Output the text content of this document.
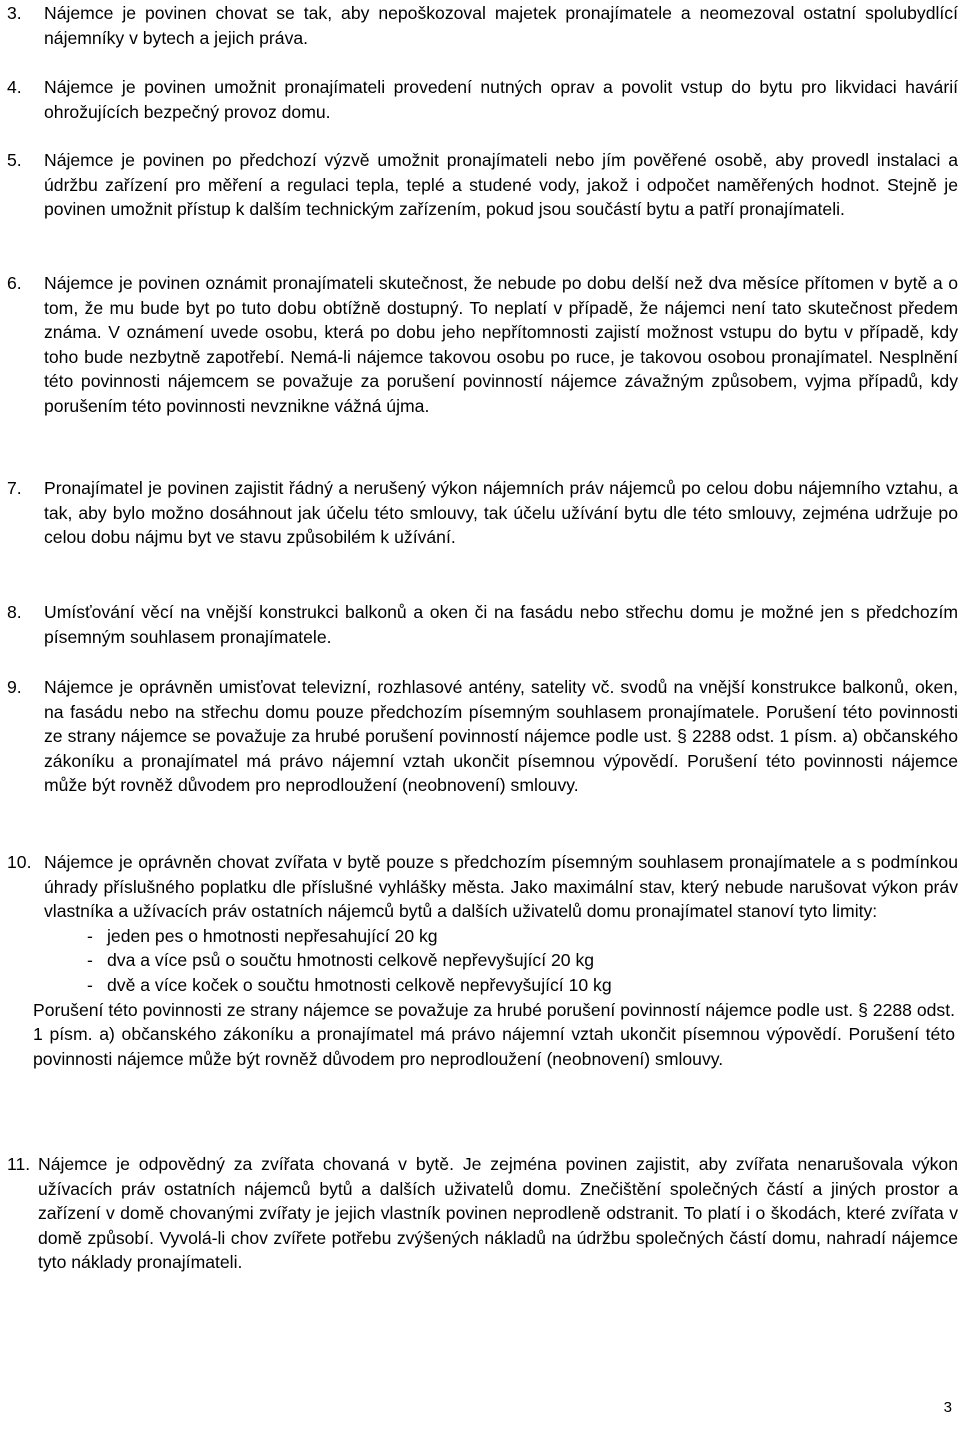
3. Nájemce je povinen chovat se tak, aby nepoškozoval majetek pronajímatele a neomezoval ostatní spolubydlící nájemníky v bytech a jejich práva.
4. Nájemce je povinen umožnit pronajímateli provedení nutných oprav a povolit vstup do bytu pro likvidaci havárií ohrožujících bezpečný provoz domu.
5. Nájemce je povinen po předchozí výzvě umožnit pronajímateli nebo jím pověřené osobě, aby provedl instalaci a údržbu zařízení pro měření a regulaci tepla, teplé a studené vody, jakož i odpočet naměřených hodnot. Stejně je povinen umožnit přístup k dalším technickým zařízením, pokud jsou součástí bytu a patří pronajímateli.
6. Nájemce je povinen oznámit pronajímateli skutečnost, že nebude po dobu delší než dva měsíce přítomen v bytě a o tom, že mu bude byt po tuto dobu obtížně dostupný. To neplatí v případě, že nájemci není tato skutečnost předem známa. V oznámení uvede osobu, která po dobu jeho nepřítomnosti zajistí možnost vstupu do bytu v případě, kdy toho bude nezbytně zapotřebí. Nemá-li nájemce takovou osobu po ruce, je takovou osobou pronajímatel. Nesplnění této povinnosti nájemcem se považuje za porušení povinností nájemce závažným způsobem, vyjma případů, kdy porušením této povinnosti nevznikne vážná újma.
7. Pronajímatel je povinen zajistit řádný a nerušený výkon nájemních práv nájemců po celou dobu nájemního vztahu, a tak, aby bylo možno dosáhnout jak účelu této smlouvy, tak účelu užívání bytu dle této smlouvy, zejména udržuje po celou dobu nájmu byt ve stavu způsobilém k užívání.
8. Umísťování věcí na vnější konstrukci balkonů a oken či na fasádu nebo střechu domu je možné jen s předchozím písemným souhlasem pronajímatele.
9. Nájemce je oprávněn umisťovat televizní, rozhlasové antény, satelity vč. svodů na vnější konstrukce balkonů, oken, na fasádu nebo na střechu domu pouze předchozím písemným souhlasem pronajímatele. Porušení této povinnosti ze strany nájemce se považuje za hrubé porušení povinností nájemce podle ust. § 2288 odst. 1 písm. a) občanského zákoníku a pronajímatel má právo nájemní vztah ukončit písemnou výpovědí. Porušení této povinnosti nájemce může být rovněž důvodem pro neprodloužení (neobnovení) smlouvy.
10. Nájemce je oprávněn chovat zvířata v bytě pouze s předchozím písemným souhlasem pronajímatele a s podmínkou úhrady příslušného poplatku dle příslušné vyhlášky města. Jako maximální stav, který nebude narušovat výkon práv vlastníka a užívacích práv ostatních nájemců bytů a dalších uživatelů domu pronajímatel stanoví tyto limity:
- jeden pes o hmotnosti nepřesahující 20 kg
- dva a více psů o součtu hmotnosti celkově nepřevyšující 20 kg
- dvě a více koček o součtu hmotnosti celkově nepřevyšující 10 kg
Porušení této povinnosti ze strany nájemce se považuje za hrubé porušení povinností nájemce podle ust. § 2288 odst. 1 písm. a) občanského zákoníku a pronajímatel má právo nájemní vztah ukončit písemnou výpovědí. Porušení této povinnosti nájemce může být rovněž důvodem pro neprodloužení (neobnovení) smlouvy.
11. Nájemce je odpovědný za zvířata chovaná v bytě. Je zejména povinen zajistit, aby zvířata nenarušovala výkon užívacích práv ostatních nájemců bytů a dalších uživatelů domu. Znečištění společných částí a jiných prostor a zařízení v domě chovanými zvířaty je jejich vlastník povinen neprodleně odstranit. To platí i o škodách, které zvířata v domě způsobí. Vyvolá-li chov zvířete potřebu zvýšených nákladů na údržbu společných částí domu, nahradí nájemce tyto náklady pronajímateli.
3
